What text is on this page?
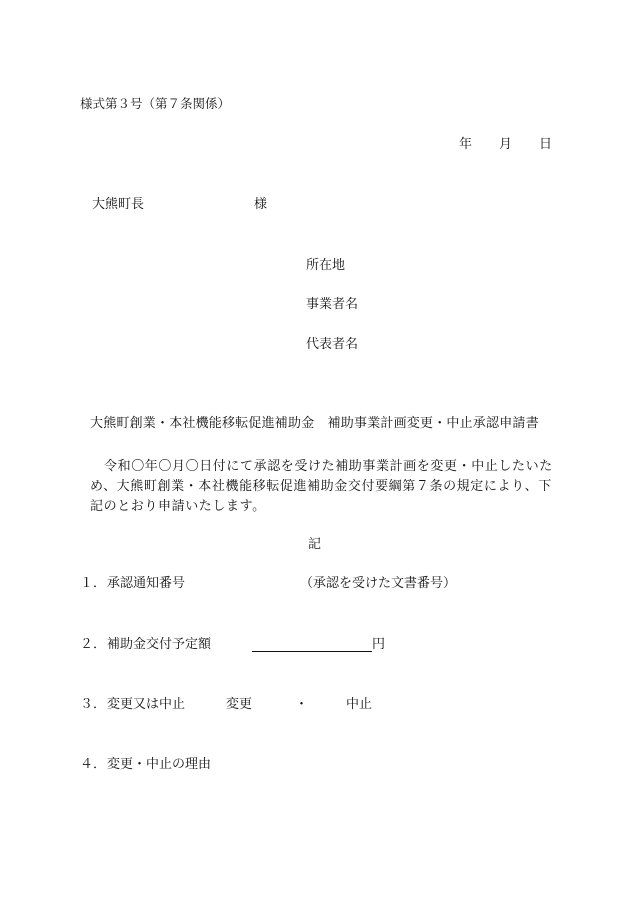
様式第３号（第７条関係）
年 月 日
大熊町長	様
所在地
事業者名
代表者名
大熊町創業・本社機能移転促進補助金　補助事業計画変更・中止承認申請書
令和〇年〇月〇日付にて承認を受けた補助事業計画を変更・中止したいた
め、大熊町創業・本社機能移転促進補助金交付要綱第７条の規定により、下
記のとおり申請いたします。
記
１． 承認通知番号	（承認を受けた文書番号）
２． 補助金交付予定額	円
３． 変更又は中止	変更	・	中止
４． 変更・中止の理由
